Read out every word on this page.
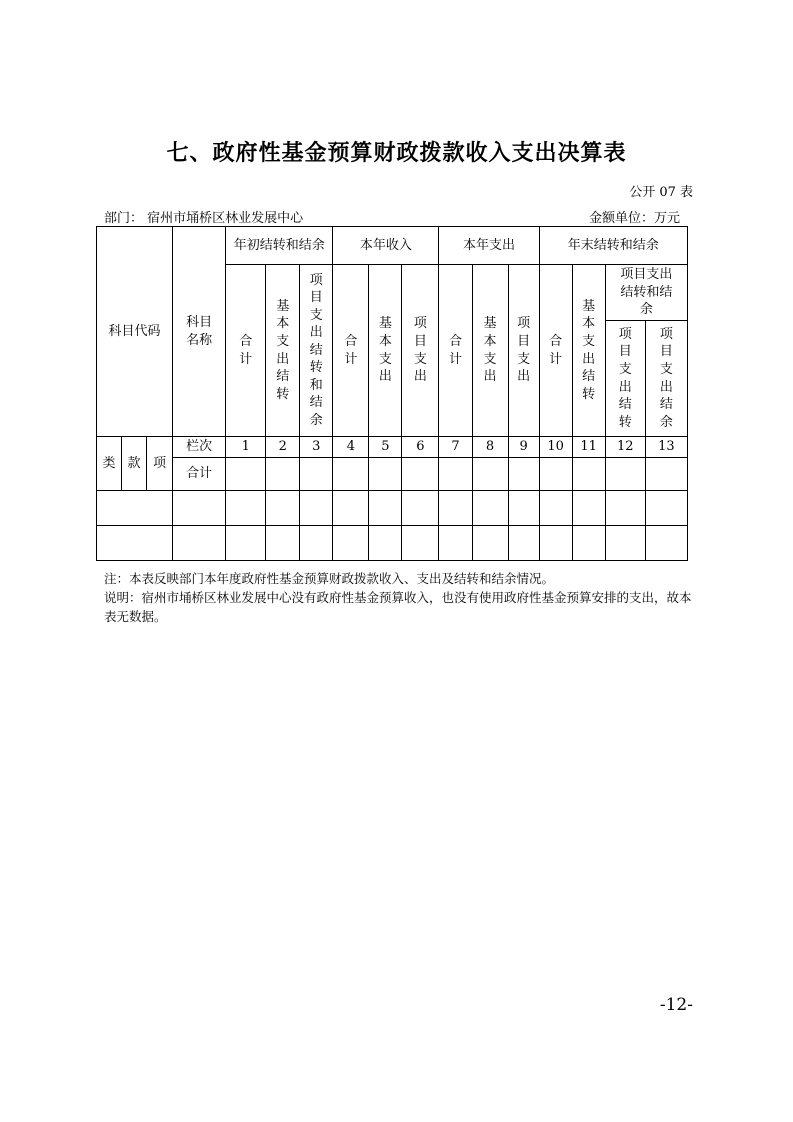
七、政府性基金预算财政拨款收入支出决算表
公开 07 表
部门： 宿州市埇桥区林业发展中心	金额单位：万元
科目代码			科目名称	年初结转和结余			本年收入			本年支出			年末结转和结余			
				合计	基本支出结转	项目支出结转和结余	合计	基本支出	项目支出	合计	基本支出	项目支出	合计	基本支出结转	项目支出结转和结余	
															项目支出结转	项目支出结余
类	款	项	栏次	1	2	3	4	5	6	7	8	9	10	11	12	13
			合计													

注：本表反映部门本年度政府性基金预算财政拨款收入、支出及结转和结余情况。

说明：宿州市埇桥区林业发展中心没有政府性基金预算收入，也没有使用政府性基金预算安排的支出，故本表无数据。

-12-
